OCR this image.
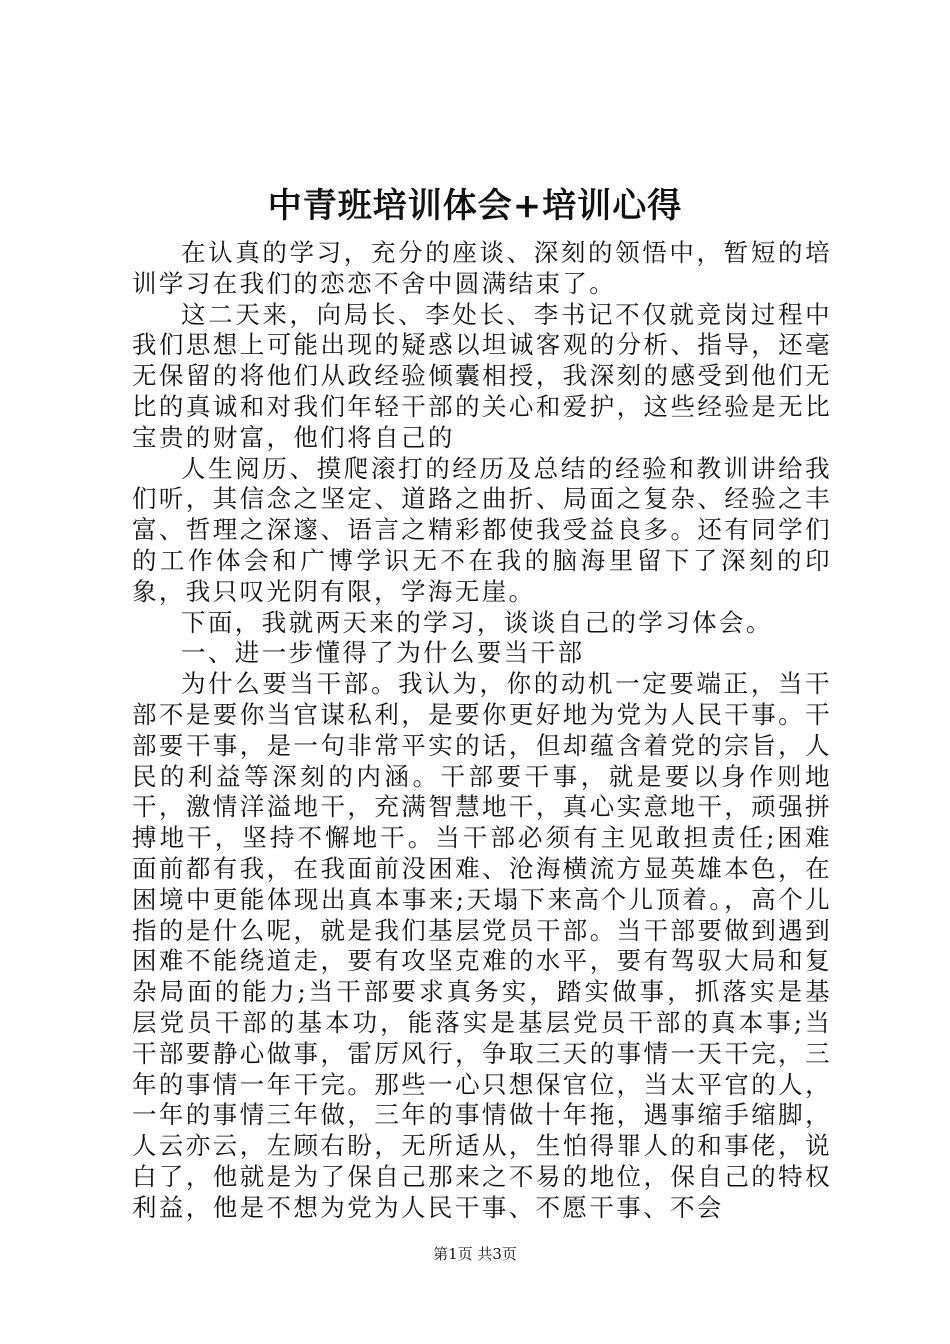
中青班培训体会+培训心得

在认真的学习，充分的座谈、深刻的领悟中，暂短的培训学习在我们的恋恋不舍中圆满结束了。

这二天来，向局长、李处长、李书记不仅就竞岗过程中我们思想上可能出现的疑惑以坦诚客观的分析、指导，还毫无保留的将他们从政经验倾囊相授，我深刻的感受到他们无比的真诚和对我们年轻干部的关心和爱护，这些经验是无比宝贵的财富，他们将自己的

人生阅历、摸爬滚打的经历及总结的经验和教训讲给我们听，其信念之坚定、道路之曲折、局面之复杂、经验之丰富、哲理之深邃、语言之精彩都使我受益良多。还有同学们的工作体会和广博学识无不在我的脑海里留下了深刻的印象，我只叹光阴有限，学海无崖。

下面，我就两天来的学习，谈谈自己的学习体会。

一、进一步懂得了为什么要当干部

为什么要当干部。我认为，你的动机一定要端正，当干部不是要你当官谋私利，是要你更好地为党为人民干事。干部要干事，是一句非常平实的话，但却蕴含着党的宗旨，人民的利益等深刻的内涵。干部要干事，就是要以身作则地干，激情洋溢地干，充满智慧地干，真心实意地干，顽强拼搏地干，坚持不懈地干。当干部必须有主见敢担责任;困难面前都有我，在我面前没困难、沧海横流方显英雄本色，在困境中更能体现出真本事来;天塌下来高个儿顶着。，高个儿指的是什么呢，就是我们基层党员干部。当干部要做到遇到困难不能绕道走，要有攻坚克难的水平，要有驾驭大局和复杂局面的能力;当干部要求真务实，踏实做事，抓落实是基层党员干部的基本功，能落实是基层党员干部的真本事;当干部要静心做事，雷厉风行，争取三天的事情一天干完，三年的事情一年干完。那些一心只想保官位，当太平官的人，一年的事情三年做，三年的事情做十年拖，遇事缩手缩脚，人云亦云，左顾右盼，无所适从，生怕得罪人的和事佬，说白了，他就是为了保自己那来之不易的地位，保自己的特权利益，他是不想为党为人民干事、不愿干事、不会

第1页 共3页
